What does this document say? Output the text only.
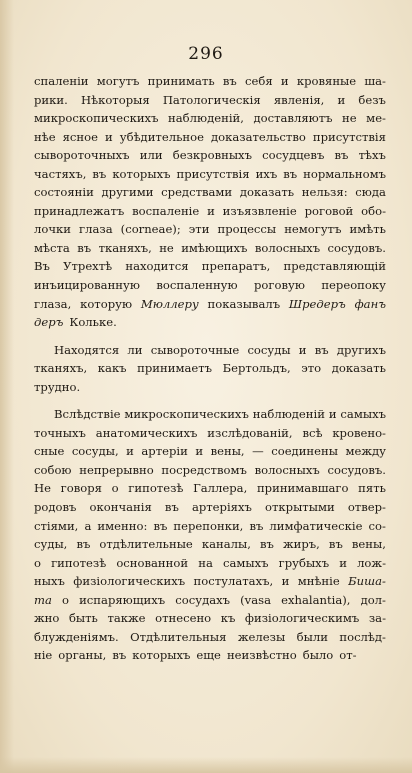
296
спаленіи могутъ принимать въ себя и кровяные ша-
рики. Нѣкоторыя Патологическія явленія, и безъ
микроскопическихъ наблюденій, доставляютъ не ме-
нѣе ясное и убѣдительное доказательство присутствія
сывороточныхъ или безкровныхъ сосудцевъ въ тѣхъ
частяхъ, въ которыхъ присутствія ихъ въ нормальномъ
состояніи другими средствами доказать нельзя: сюда
принадлежатъ воспаленіе и изъязвленіе роговой обо-
лочки глаза (corneae); эти процессы немогутъ имѣть
мѣста въ тканяхъ, не имѣющихъ волосныхъ сосудовъ.
Въ Утрехтѣ находится препаратъ, представляющій
инъицированную воспаленную роговую переопоку
глаза, которую Мюллеру показывалъ Шредеръ фанъ
деръ Кольке.
Находятся ли сывороточные сосуды и въ другихъ
тканяхъ, какъ принимаетъ Бертольдъ, это доказать
трудно.
Вслѣдствіе микроскопическихъ наблюденій и самыхъ
точныхъ анатомическихъ изслѣдованій, всѣ кровено-
сные сосуды, и артеріи и вены, — соединены между
собою непрерывно посредствомъ волосныхъ сосудовъ.
Не говоря о гипотезѣ Галлера, принимавшаго пять
родовъ окончанія въ артеріяхъ открытыми отвер-
стіями, а именно: въ перепонки, въ лимфатическіе со-
суды, въ отдѣлительные каналы, въ жиръ, въ вены,
о гипотезѣ основанной на самыхъ грубыхъ и лож-
ныхъ физіологическихъ постулатахъ, и мнѣніе Биша-
та о испаряющихъ сосудахъ (vasa exhalantia), дол-
жно быть также отнесено къ физіологическимъ за-
блужденіямъ. Отдѣлительныя железы были послѣд-
ніе органы, въ которыхъ еще неизвѣстно было от-
